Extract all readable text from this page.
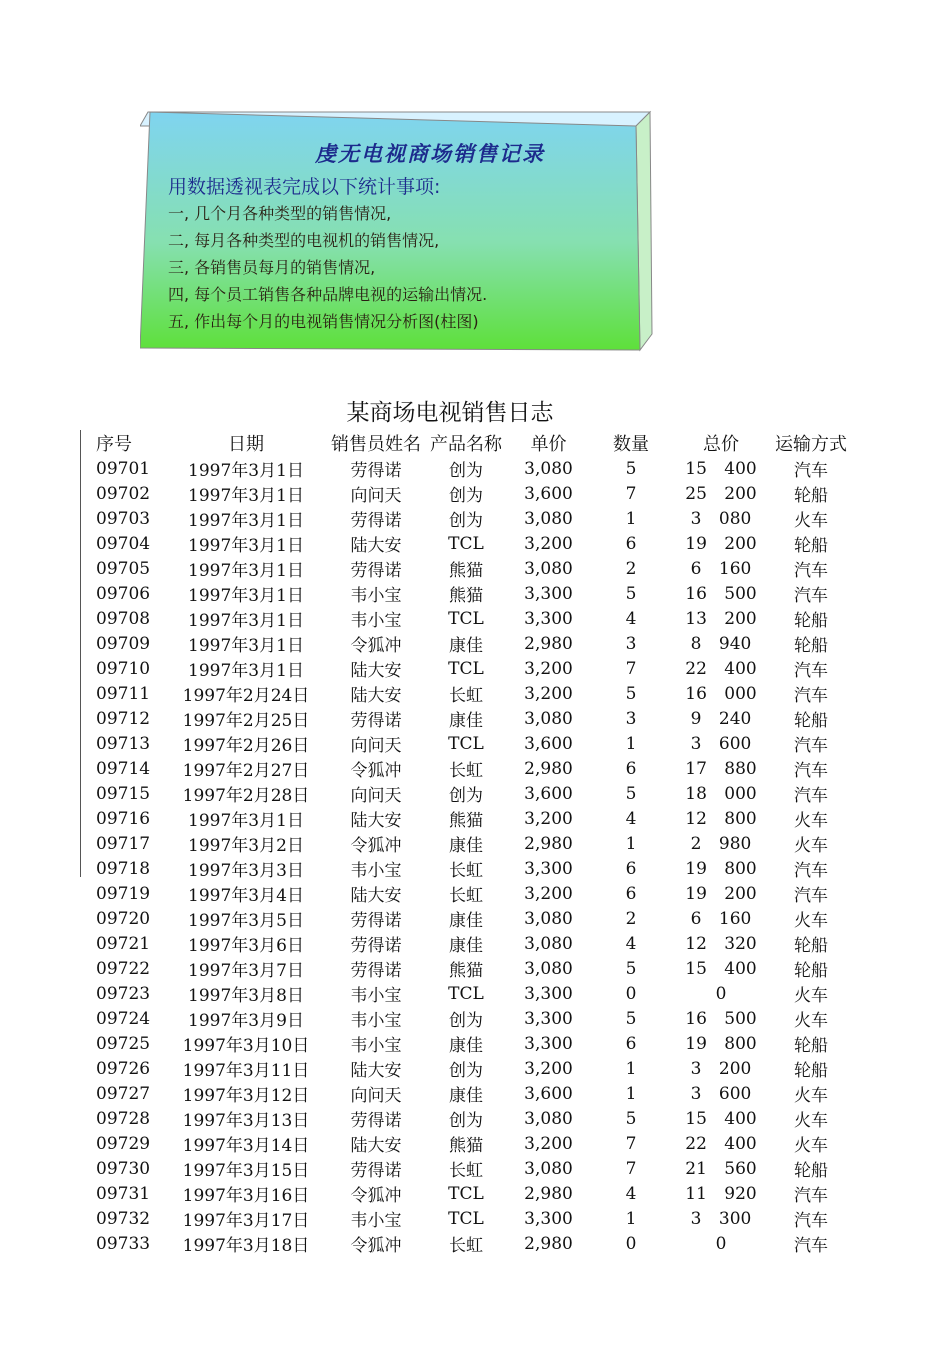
虔无电视商场销售记录
用数据透视表完成以下统计事项:
一, 几个月各种类型的销售情况,
二, 每月各种类型的电视机的销售情况,
三, 各销售员每月的销售情况,
四, 每个员工销售各种品牌电视的运输出情况.
五, 作出每个月的电视销售情况分析图(柱图)
某商场电视销售日志
序号	日期	销售员姓名	产品名称	单价	数量	总价	运输方式
09701	1997年3月1日	劳得诺	创为	3,080	5	15 400	汽车
09702	1997年3月1日	向问天	创为	3,600	7	25 200	轮船
09703	1997年3月1日	劳得诺	创为	3,080	1	3 080	火车
09704	1997年3月1日	陆大安	TCL	3,200	6	19 200	轮船
09705	1997年3月1日	劳得诺	熊猫	3,080	2	6 160	汽车
09706	1997年3月1日	韦小宝	熊猫	3,300	5	16 500	汽车
09708	1997年3月1日	韦小宝	TCL	3,300	4	13 200	轮船
09709	1997年3月1日	令狐冲	康佳	2,980	3	8 940	轮船
09710	1997年3月1日	陆大安	TCL	3,200	7	22 400	汽车
09711	1997年2月24日	陆大安	长虹	3,200	5	16 000	汽车
09712	1997年2月25日	劳得诺	康佳	3,080	3	9 240	轮船
09713	1997年2月26日	向问天	TCL	3,600	1	3 600	汽车
09714	1997年2月27日	令狐冲	长虹	2,980	6	17 880	汽车
09715	1997年2月28日	向问天	创为	3,600	5	18 000	汽车
09716	1997年3月1日	陆大安	熊猫	3,200	4	12 800	火车
09717	1997年3月2日	令狐冲	康佳	2,980	1	2 980	火车
09718	1997年3月3日	韦小宝	长虹	3,300	6	19 800	汽车
09719	1997年3月4日	陆大安	长虹	3,200	6	19 200	汽车
09720	1997年3月5日	劳得诺	康佳	3,080	2	6 160	火车
09721	1997年3月6日	劳得诺	康佳	3,080	4	12 320	轮船
09722	1997年3月7日	劳得诺	熊猫	3,080	5	15 400	轮船
09723	1997年3月8日	韦小宝	TCL	3,300	0	0	火车
09724	1997年3月9日	韦小宝	创为	3,300	5	16 500	火车
09725	1997年3月10日	韦小宝	康佳	3,300	6	19 800	轮船
09726	1997年3月11日	陆大安	创为	3,200	1	3 200	轮船
09727	1997年3月12日	向问天	康佳	3,600	1	3 600	火车
09728	1997年3月13日	劳得诺	创为	3,080	5	15 400	火车
09729	1997年3月14日	陆大安	熊猫	3,200	7	22 400	火车
09730	1997年3月15日	劳得诺	长虹	3,080	7	21 560	轮船
09731	1997年3月16日	令狐冲	TCL	2,980	4	11 920	汽车
09732	1997年3月17日	韦小宝	TCL	3,300	1	3 300	汽车
09733	1997年3月18日	令狐冲	长虹	2,980	0	0	汽车
